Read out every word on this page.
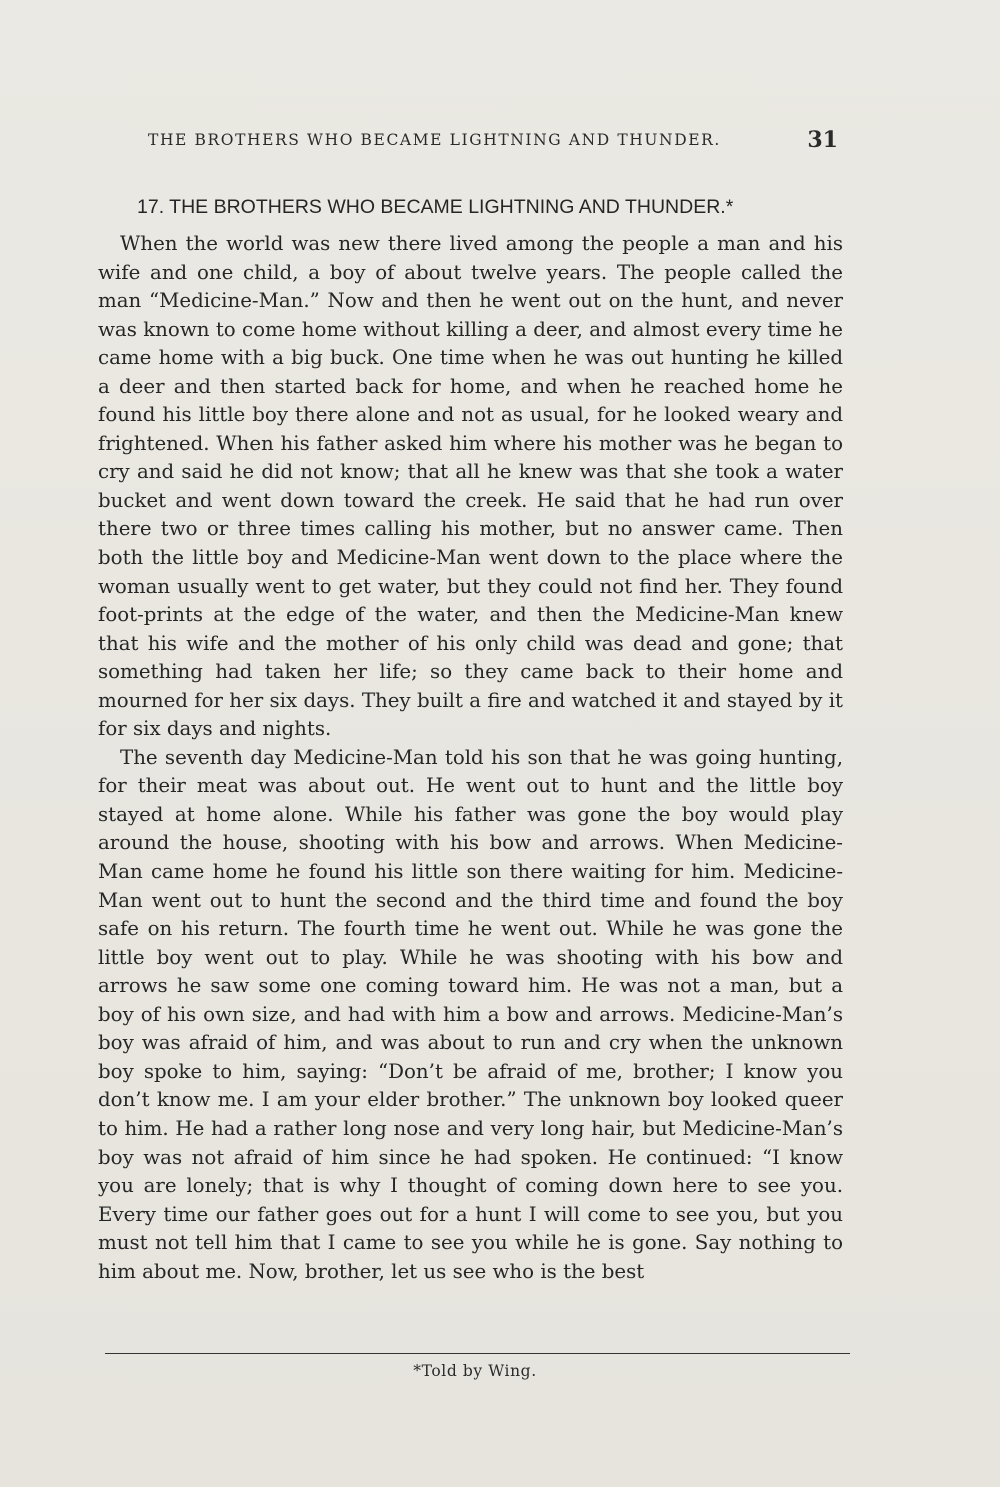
THE BROTHERS WHO BECAME LIGHTNING AND THUNDER.	31
17. THE BROTHERS WHO BECAME LIGHTNING AND THUNDER.*

When the world was new there lived among the people a man and his wife and one child, a boy of about twelve years. The people called the man “Medicine-Man.” Now and then he went out on the hunt, and never was known to come home without killing a deer, and almost every time he came home with a big buck. One time when he was out hunting he killed a deer and then started back for home, and when he reached home he found his little boy there alone and not as usual, for he looked weary and frightened. When his father asked him where his mother was he began to cry and said he did not know; that all he knew was that she took a water bucket and went down toward the creek. He said that he had run over there two or three times calling his mother, but no answer came. Then both the little boy and Medicine-Man went down to the place where the woman usually went to get water, but they could not find her. They found foot-prints at the edge of the water, and then the Medicine-Man knew that his wife and the mother of his only child was dead and gone; that something had taken her life; so they came back to their home and mourned for her six days. They built a fire and watched it and stayed by it for six days and nights.

The seventh day Medicine-Man told his son that he was going hunting, for their meat was about out. He went out to hunt and the little boy stayed at home alone. While his father was gone the boy would play around the house, shooting with his bow and arrows. When Medicine-Man came home he found his little son there waiting for him. Medicine-Man went out to hunt the second and the third time and found the boy safe on his return. The fourth time he went out. While he was gone the little boy went out to play. While he was shooting with his bow and arrows he saw some one coming toward him. He was not a man, but a boy of his own size, and had with him a bow and arrows. Medicine-Man’s boy was afraid of him, and was about to run and cry when the unknown boy spoke to him, saying: “Don’t be afraid of me, brother; I know you don’t know me. I am your elder brother.” The unknown boy looked queer to him. He had a rather long nose and very long hair, but Medicine-Man’s boy was not afraid of him since he had spoken. He continued: “I know you are lonely; that is why I thought of coming down here to see you. Every time our father goes out for a hunt I will come to see you, but you must not tell him that I came to see you while he is gone. Say nothing to him about me. Now, brother, let us see who is the best

*Told by Wing.
